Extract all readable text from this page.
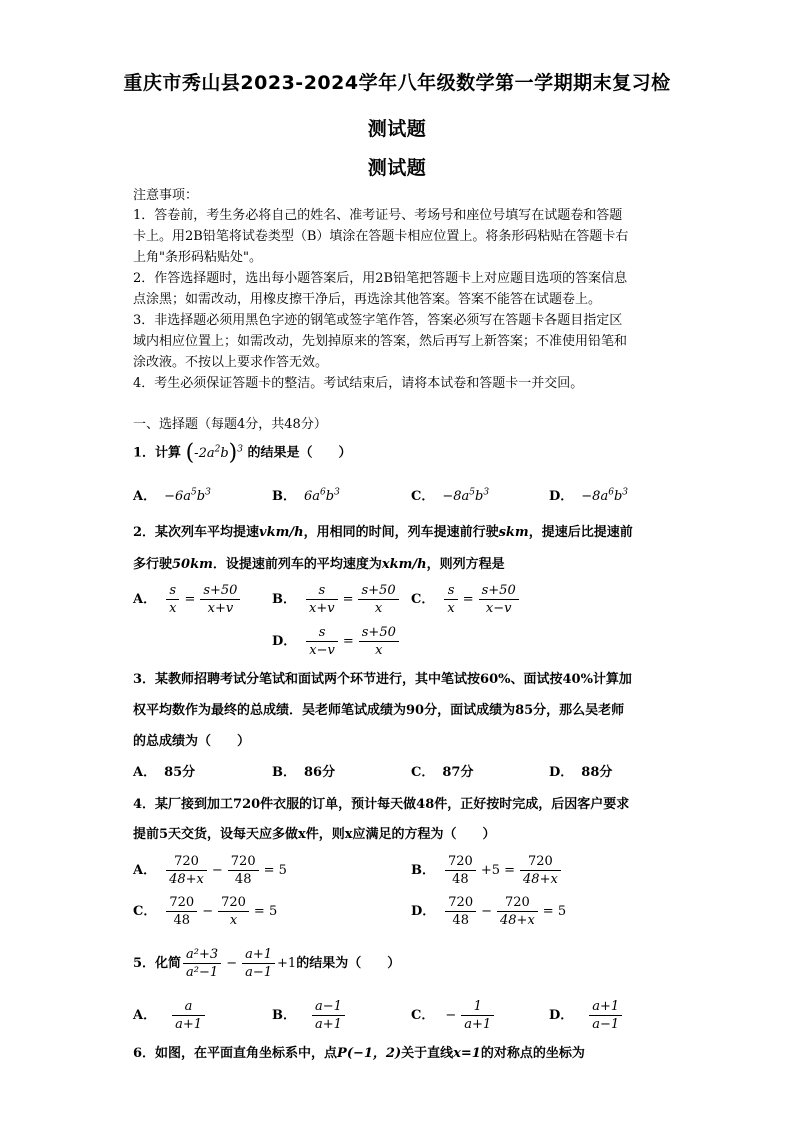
重庆市秀山县2023-2024学年八年级数学第一学期期末复习检
测试题
测试题
注意事项：
1．答卷前，考生务必将自己的姓名、准考证号、考场号和座位号填写在试题卷和答题
卡上。用2B铅笔将试卷类型（B）填涂在答题卡相应位置上。将条形码粘贴在答题卡右
上角"条形码粘贴处"。
2．作答选择题时，选出每小题答案后，用2B铅笔把答题卡上对应题目选项的答案信息
点涂黑；如需改动，用橡皮擦干净后，再选涂其他答案。答案不能答在试题卷上。
3．非选择题必须用黑色字迹的钢笔或签字笔作答，答案必须写在答题卡各题目指定区
域内相应位置上；如需改动，先划掉原来的答案，然后再写上新答案；不准使用铅笔和
涂改液。不按以上要求作答无效。
4．考生必须保证答题卡的整洁。考试结束后，请将本试卷和答题卡一并交回。
一、选择题（每题4分，共48分）
1．计算 $(-2a^2b)^3$ 的结果是（　　）
A． $-6a^5b^3$	B． $6a^6b^3$	C． $-8a^5b^3$	D． $-8a^6b^3$
2．某次列车平均提速vkm/h，用相同的时间，列车提速前行驶skm，提速后比提速前
多行驶50km．设提速前列车的平均速度为xkm/h，则列方程是
A． $\frac{s}{x} = \frac{s+50}{x+v}$ B． $\frac{s}{x+v} = \frac{s+50}{x}$ C． $\frac{s}{x} = \frac{s+50}{x-v}$
D． $\frac{s}{x-v} = \frac{s+50}{x}$
3．某教师招聘考试分笔试和面试两个环节进行，其中笔试按60%、面试按40%计算加
权平均数作为最终的总成绩．吴老师笔试成绩为90分，面试成绩为85分，那么吴老师
的总成绩为（　　）
A． 85分	B． 86分	C． 87分	D． 88分
4．某厂接到加工720件衣服的订单，预计每天做48件，正好按时完成，后因客户要求
提前5天交货，设每天应多做x件，则x应满足的方程为（　　）
A． $\frac{720}{48+x} - \frac{720}{48} = 5$	B． $\frac{720}{48} +5 = \frac{720}{48+x}$
C． $\frac{720}{48} - \frac{720}{x} = 5$	D． $\frac{720}{48} - \frac{720}{48+x} = 5$
5．化简 $\frac{\text{a²+3}}{\text{a²−1}} - \frac{a+1}{a-1} +1$ 的结果为（　　）
A． $\frac{a}{a+1}$	B． $\frac{a-1}{a+1}$	C． − $\frac{1}{a+1}$	D． $\frac{a+1}{a-1}$
6．如图，在平面直角坐标系中，点P(−1，2)关于直线x=1的对称点的坐标为
